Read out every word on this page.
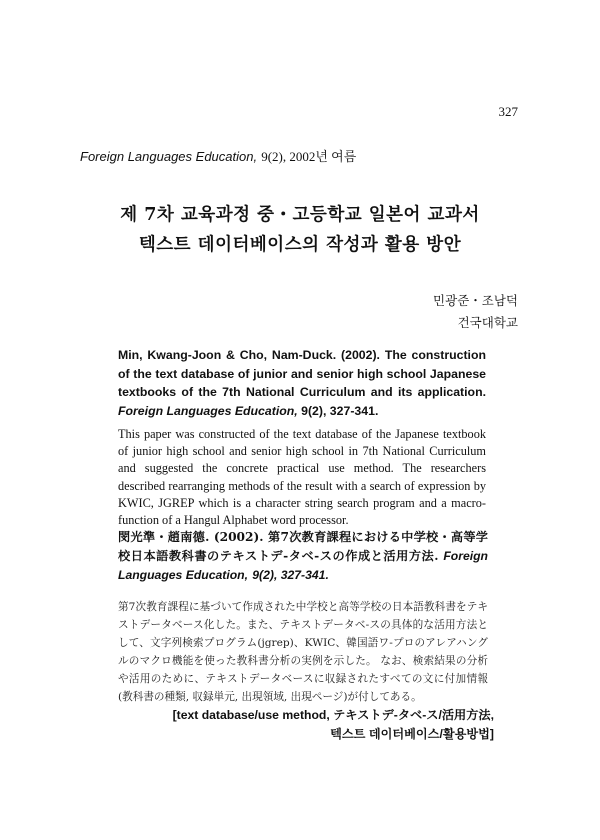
327
Foreign Languages Education, 9(2), 2002년 여름
제 7차 교육과정 중・고등학교 일본어 교과서
텍스트 데이터베이스의 작성과 활용 방안
민광준・조남덕
건국대학교
Min, Kwang-Joon & Cho, Nam-Duck. (2002). The construction of the text database of junior and senior high school Japanese textbooks of the 7th National Curriculum and its application. Foreign Languages Education, 9(2), 327-341.
This paper was constructed of the text database of the Japanese textbook of junior high school and senior high school in 7th National Curriculum and suggested the concrete practical use method. The researchers described rearranging methods of the result with a search of expression by KWIC, JGREP which is a character string search program and a macro-function of a Hangul Alphabet word processor.
閔光準・趙南德. (2002). 第7次教育課程における中学校・高等学校日本語教科書のテキストデ-タベ-スの作成と活用方法. Foreign Languages Education, 9(2), 327-341.
第7次教育課程に基づいて作成された中学校と高等学校の日本語教科書をテキストデータベース化した。また、テキストデータベ-スの具体的な活用方法として、文字列検索プログラム(jgrep)、KWIC、韓国語ワ-プロのアレアハングルのマクロ機能を使った教科書分析の実例を示した。 なお、検索結果の分析や活用のために、テキストデータベースに収録されたすべての文に付加情報(教科書の種類, 収録単元, 出現領域, 出現ページ)が付してある。
[text database/use method, テキストデ-タベ-ス/活用方法,
텍스트 데이터베이스/활용방법]
